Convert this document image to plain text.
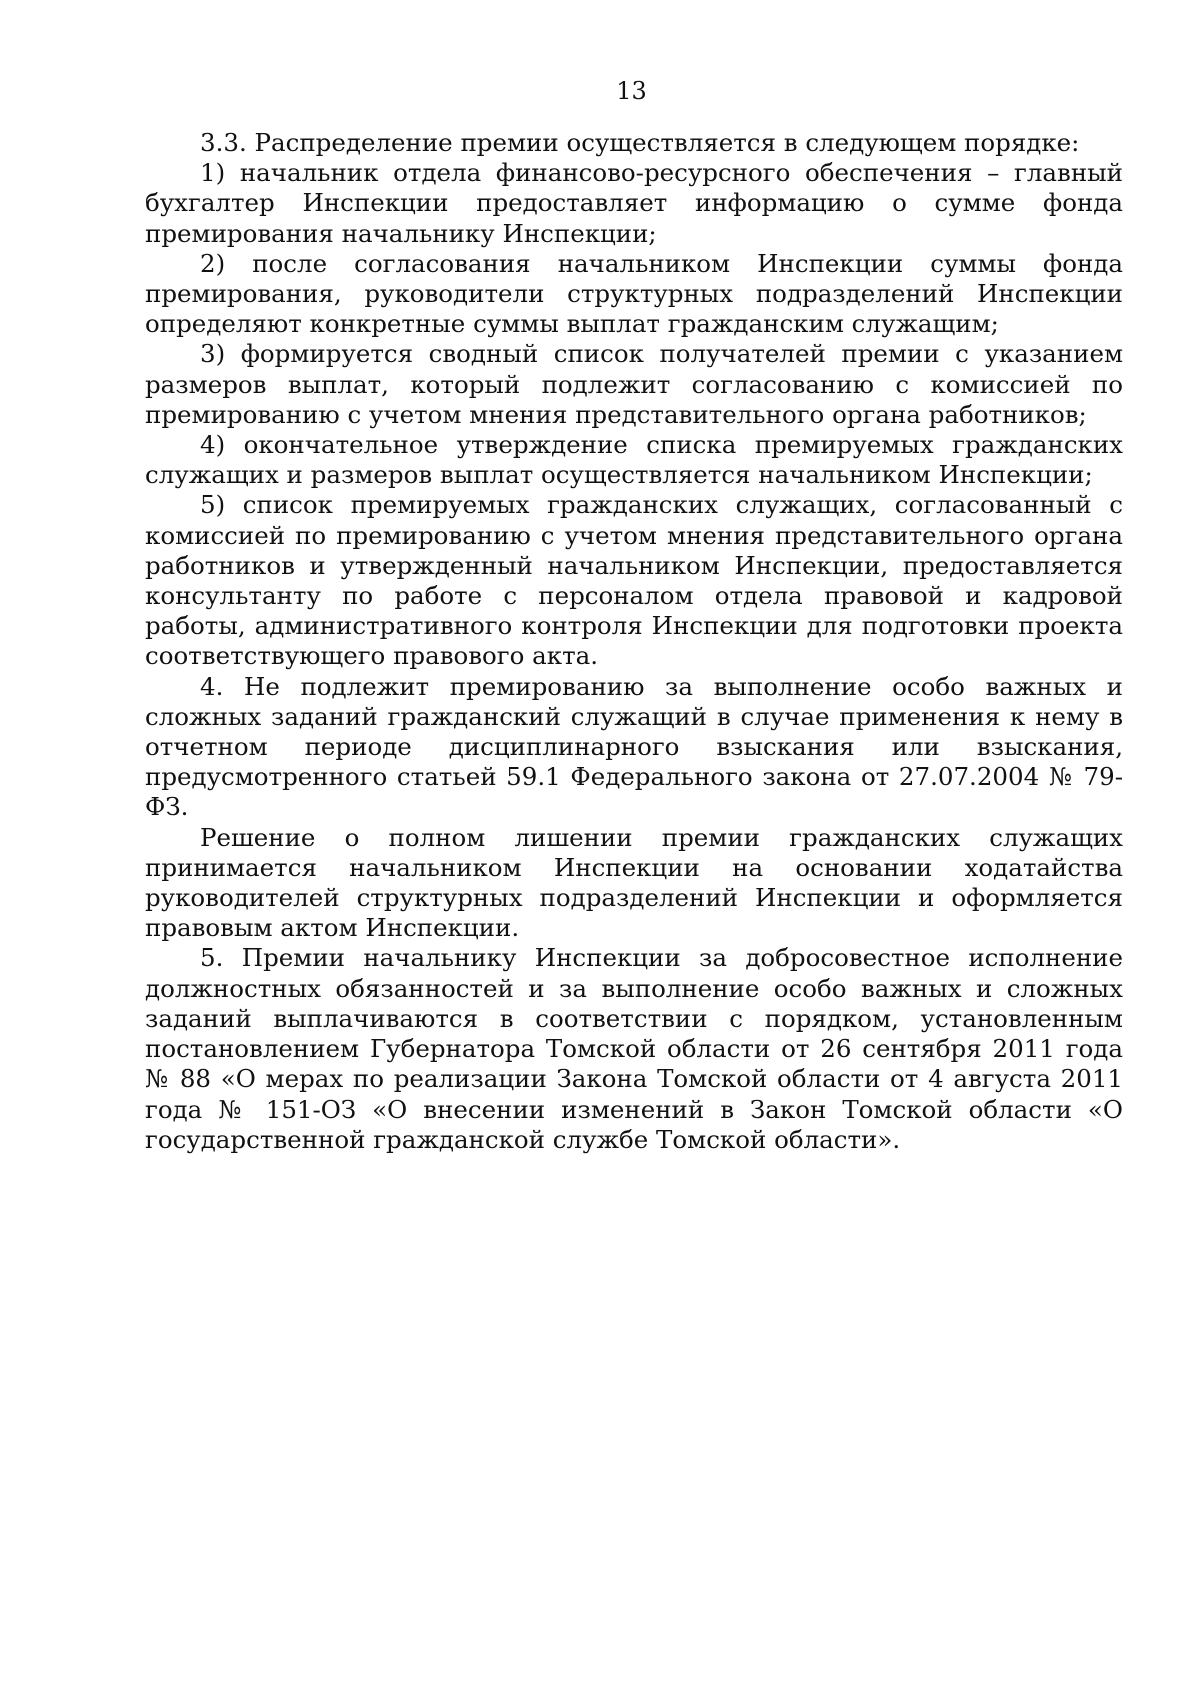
13

3.3. Распределение премии осуществляется в следующем порядке:

1) начальник отдела финансово-ресурсного обеспечения – главный бухгалтер Инспекции предоставляет информацию о сумме фонда премирования начальнику Инспекции;

2) после согласования начальником Инспекции суммы фонда премирования, руководители структурных подразделений Инспекции определяют конкретные суммы выплат гражданским служащим;

3) формируется сводный список получателей премии с указанием размеров выплат, который подлежит согласованию с комиссией по премированию с учетом мнения представительного органа работников;

4) окончательное утверждение списка премируемых гражданских служащих и размеров выплат осуществляется начальником Инспекции;

5) список премируемых гражданских служащих, согласованный с комиссией по премированию с учетом мнения представительного органа работников и утвержденный начальником Инспекции, предоставляется консультанту по работе с персоналом отдела правовой и кадровой работы, административного контроля Инспекции для подготовки проекта соответствующего правового акта.

4. Не подлежит премированию за выполнение особо важных и сложных заданий гражданский служащий в случае применения к нему в отчетном периоде дисциплинарного взыскания или взыскания, предусмотренного статьей 59.1 Федерального закона от 27.07.2004 № 79-ФЗ.

Решение о полном лишении премии гражданских служащих принимается начальником Инспекции на основании ходатайства руководителей структурных подразделений Инспекции и оформляется правовым актом Инспекции.

5. Премии начальнику Инспекции за добросовестное исполнение должностных обязанностей и за выполнение особо важных и сложных заданий выплачиваются в соответствии с порядком, установленным постановлением Губернатора Томской области от 26 сентября 2011 года № 88 «О мерах по реализации Закона Томской области от 4 августа 2011 года № 151-ОЗ «О внесении изменений в Закон Томской области «О государственной гражданской службе Томской области».
